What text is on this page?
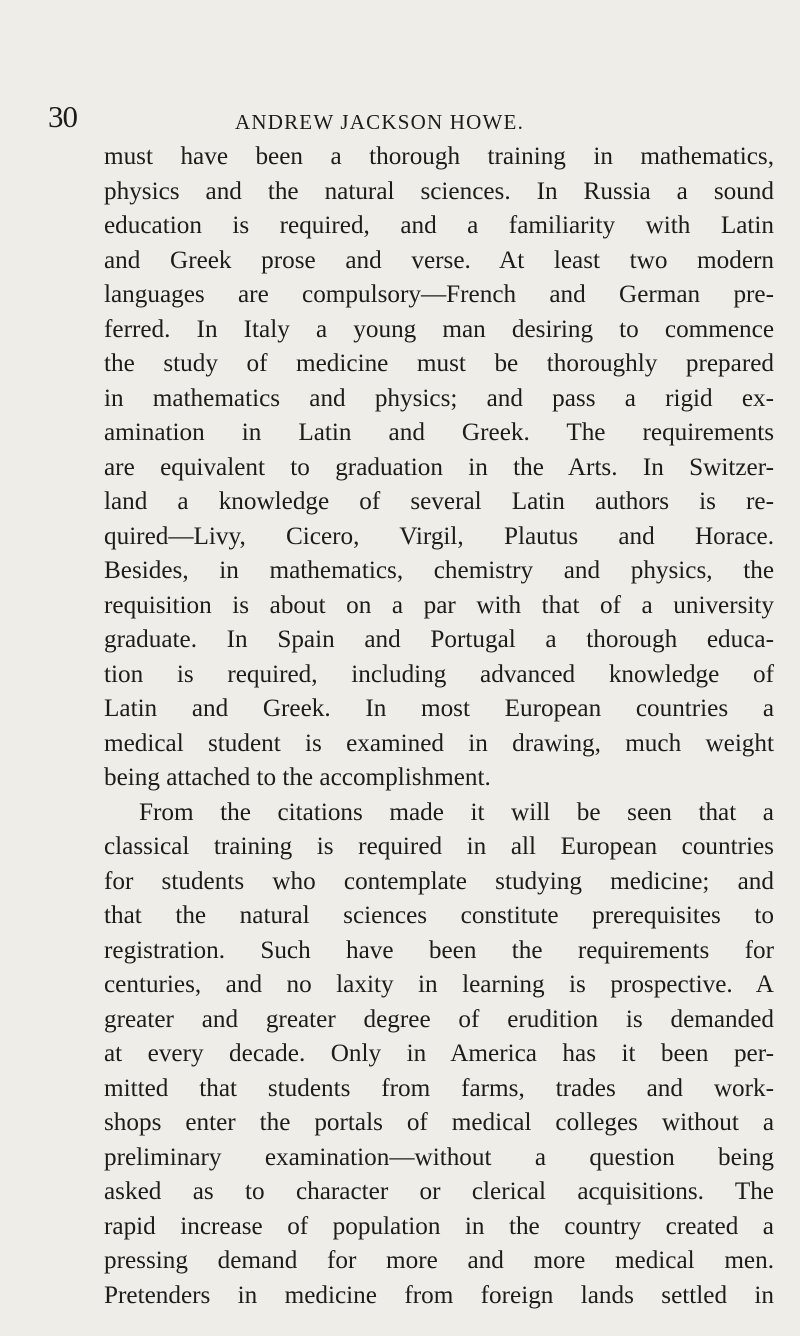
30	ANDREW JACKSON HOWE.
must have been a thorough training in mathematics,
physics and the natural sciences. In Russia a sound
education is required, and a familiarity with Latin
and Greek prose and verse. At least two modern
languages are compulsory—French and German pre-
ferred. In Italy a young man desiring to commence
the study of medicine must be thoroughly prepared
in mathematics and physics; and pass a rigid ex-
amination in Latin and Greek. The requirements
are equivalent to graduation in the Arts. In Switzer-
land a knowledge of several Latin authors is re-
quired—Livy, Cicero, Virgil, Plautus and Horace.
Besides, in mathematics, chemistry and physics, the
requisition is about on a par with that of a university
graduate. In Spain and Portugal a thorough educa-
tion is required, including advanced knowledge of
Latin and Greek. In most European countries a
medical student is examined in drawing, much weight
being attached to the accomplishment.
From the citations made it will be seen that a
classical training is required in all European countries
for students who contemplate studying medicine; and
that the natural sciences constitute prerequisites to
registration. Such have been the requirements for
centuries, and no laxity in learning is prospective. A
greater and greater degree of erudition is demanded
at every decade. Only in America has it been per-
mitted that students from farms, trades and work-
shops enter the portals of medical colleges without a
preliminary examination—without a question being
asked as to character or clerical acquisitions. The
rapid increase of population in the country created a
pressing demand for more and more medical men.
Pretenders in medicine from foreign lands settled in
